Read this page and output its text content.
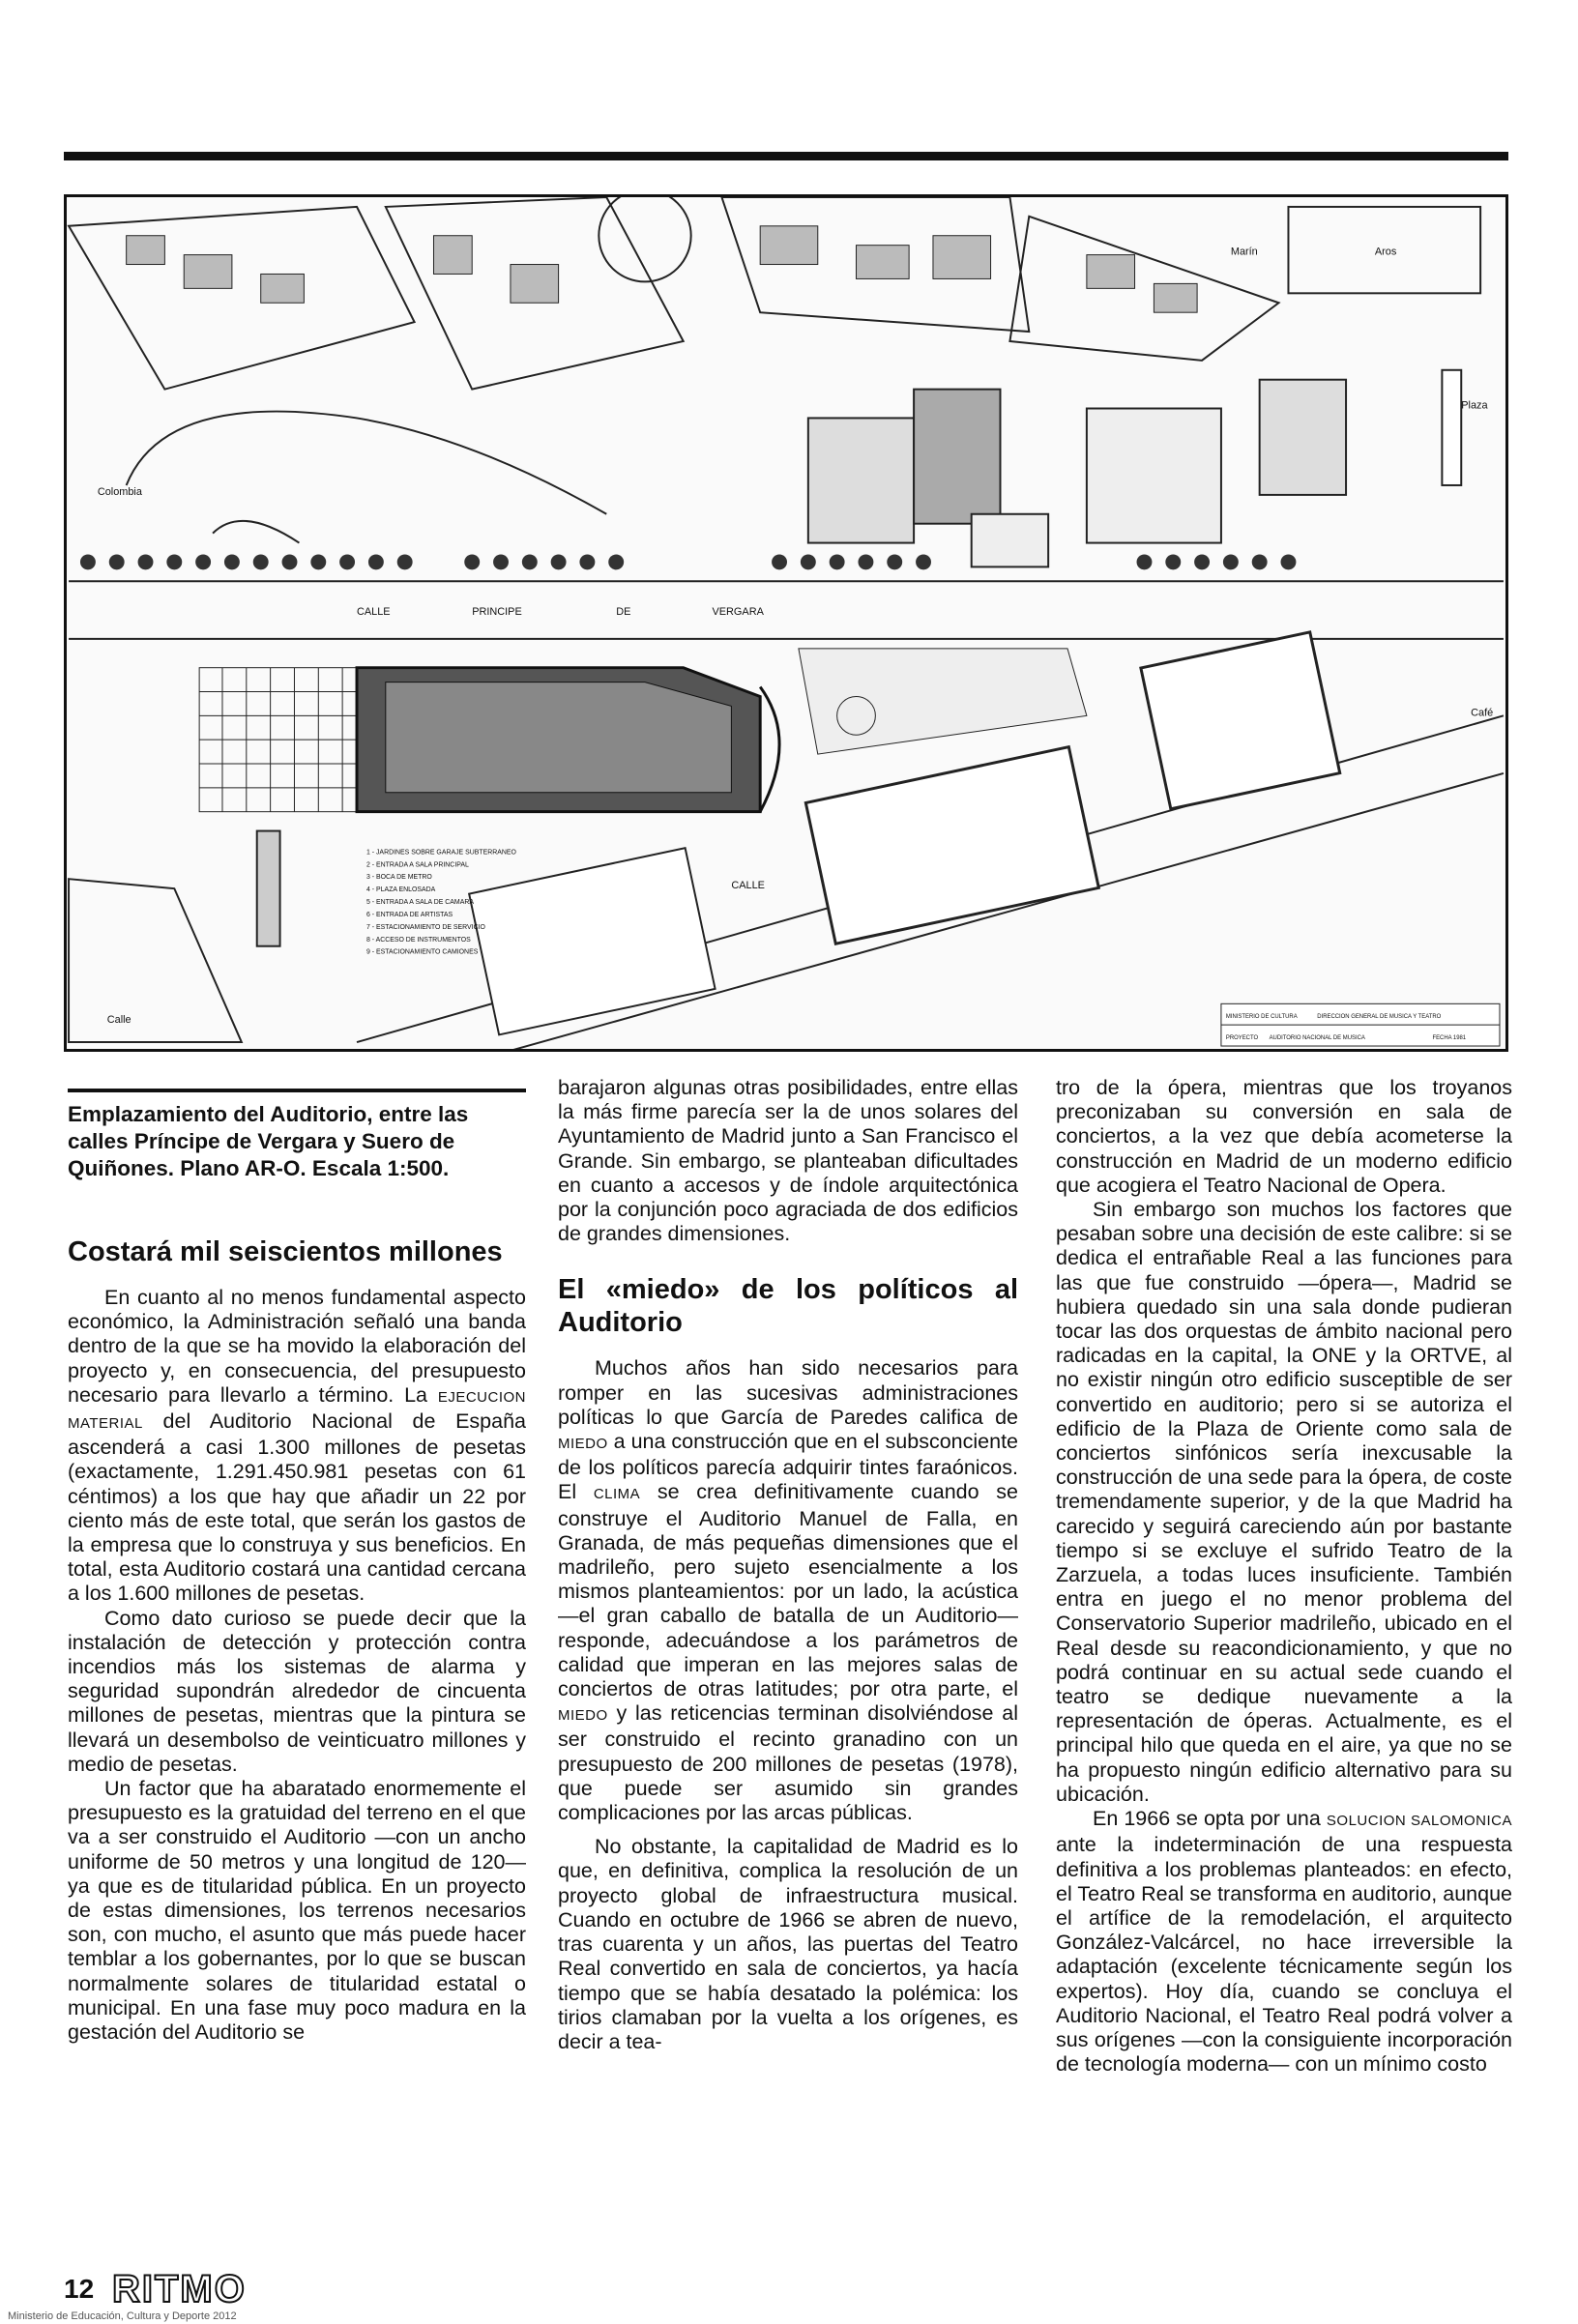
CALLE	PRINCIPE	DE	VERGARA
CALLE
Marín	Aros
Colombia
Plaza
Café
Calle
1 - JARDINES SOBRE GARAJE SUBTERRANEO
2 - ENTRADA A SALA PRINCIPAL
3 - BOCA DE METRO
4 - PLAZA ENLOSADA
5 - ENTRADA A SALA DE CAMARA
6 - ENTRADA DE ARTISTAS
7 - ESTACIONAMIENTO DE SERVICIO
8 - ACCESO DE INSTRUMENTOS
9 - ESTACIONAMIENTO CAMIONES
MINISTERIO DE CULTURA	DIRECCION GENERAL DE MUSICA Y TEATRO
PROYECTO AUDITORIO NACIONAL DE MUSICA	FECHA 1981
Emplazamiento del Auditorio, entre las calles Príncipe de Vergara y Suero de Quiñones. Plano AR-O. Escala 1:500.
Costará mil seiscientos millones

En cuanto al no menos fundamental aspecto económico, la Administración señaló una banda dentro de la que se ha movido la elaboración del proyecto y, en consecuencia, del presupuesto necesario para llevarlo a término. La EJECUCION MATERIAL del Auditorio Nacional de España ascenderá a casi 1.300 millones de pesetas (exactamente, 1.291.450.981 pesetas con 61 céntimos) a los que hay que añadir un 22 por ciento más de este total, que serán los gastos de la empresa que lo construya y sus beneficios. En total, esta Auditorio costará una cantidad cercana a los 1.600 millones de pesetas.

Como dato curioso se puede decir que la instalación de detección y protección contra incendios más los sistemas de alarma y seguridad supondrán alrededor de cincuenta millones de pesetas, mientras que la pintura se llevará un desembolso de veinticuatro millones y medio de pesetas.

Un factor que ha abaratado enormemente el presupuesto es la gratuidad del terreno en el que va a ser construido el Auditorio —con un ancho uniforme de 50 metros y una longitud de 120— ya que es de titularidad pública. En un proyecto de estas dimensiones, los terrenos necesarios son, con mucho, el asunto que más puede hacer temblar a los gobernantes, por lo que se buscan normalmente solares de titularidad estatal o municipal. En una fase muy poco madura en la gestación del Auditorio se

barajaron algunas otras posibilidades, entre ellas la más firme parecía ser la de unos solares del Ayuntamiento de Madrid junto a San Francisco el Grande. Sin embargo, se planteaban dificultades en cuanto a accesos y de índole arquitectónica por la conjunción poco agraciada de dos edificios de grandes dimensiones.

El «miedo» de los políticos al Auditorio

Muchos años han sido necesarios para romper en las sucesivas administraciones políticas lo que García de Paredes califica de MIEDO a una construcción que en el subsconciente de los políticos parecía adquirir tintes faraónicos. El CLIMA se crea definitivamente cuando se construye el Auditorio Manuel de Falla, en Granada, de más pequeñas dimensiones que el madrileño, pero sujeto esencialmente a los mismos planteamientos: por un lado, la acústica —el gran caballo de batalla de un Auditorio— responde, adecuándose a los parámetros de calidad que imperan en las mejores salas de conciertos de otras latitudes; por otra parte, el MIEDO y las reticencias terminan disolviéndose al ser construido el recinto granadino con un presupuesto de 200 millones de pesetas (1978), que puede ser asumido sin grandes complicaciones por las arcas públicas.

No obstante, la capitalidad de Madrid es lo que, en definitiva, complica la resolución de un proyecto global de infraestructura musical. Cuando en octubre de 1966 se abren de nuevo, tras cuarenta y un años, las puertas del Teatro Real convertido en sala de conciertos, ya hacía tiempo que se había desatado la polémica: los tirios clamaban por la vuelta a los orígenes, es decir a tea-

tro de la ópera, mientras que los troyanos preconizaban su conversión en sala de conciertos, a la vez que debía acometerse la construcción en Madrid de un moderno edificio que acogiera el Teatro Nacional de Opera.

Sin embargo son muchos los factores que pesaban sobre una decisión de este calibre: si se dedica el entrañable Real a las funciones para las que fue construido —ópera—, Madrid se hubiera quedado sin una sala donde pudieran tocar las dos orquestas de ámbito nacional pero radicadas en la capital, la ONE y la ORTVE, al no existir ningún otro edificio susceptible de ser convertido en auditorio; pero si se autoriza el edificio de la Plaza de Oriente como sala de conciertos sinfónicos sería inexcusable la construcción de una sede para la ópera, de coste tremendamente superior, y de la que Madrid ha carecido y seguirá careciendo aún por bastante tiempo si se excluye el sufrido Teatro de la Zarzuela, a todas luces insuficiente. También entra en juego el no menor problema del Conservatorio Superior madrileño, ubicado en el Real desde su reacondicionamiento, y que no podrá continuar en su actual sede cuando el teatro se dedique nuevamente a la representación de óperas. Actualmente, es el principal hilo que queda en el aire, ya que no se ha propuesto ningún edificio alternativo para su ubicación.

En 1966 se opta por una SOLUCION SALOMONICA ante la indeterminación de una respuesta definitiva a los problemas planteados: en efecto, el Teatro Real se transforma en auditorio, aunque el artífice de la remodelación, el arquitecto González-Valcárcel, no hace irreversible la adaptación (excelente técnicamente según los expertos). Hoy día, cuando se concluya el Auditorio Nacional, el Teatro Real podrá volver a sus orígenes —con la consiguiente incorporación de tecnología moderna— con un mínimo costo

12 RITMO
Ministerio de Educación, Cultura y Deporte 2012
